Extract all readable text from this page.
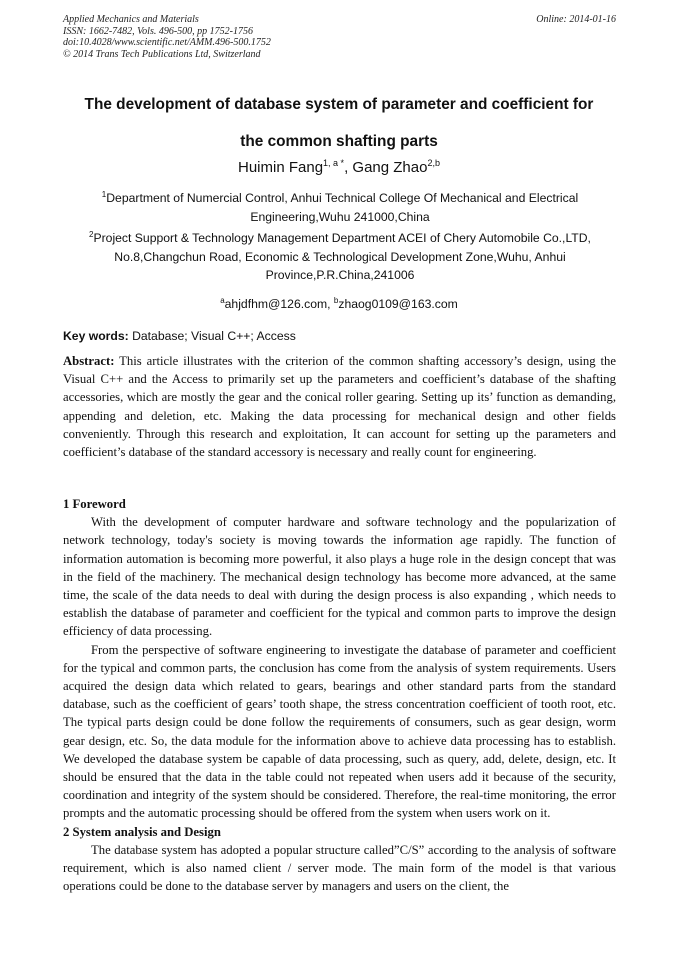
Applied Mechanics and Materials
ISSN: 1662-7482, Vols. 496-500, pp 1752-1756
doi:10.4028/www.scientific.net/AMM.496-500.1752
© 2014 Trans Tech Publications Ltd, Switzerland
Online: 2014-01-16
The development of database system of parameter and coefficient for
the common shafting parts
Huimin Fang$^{1, a *}$, Gang Zhao$^{2,b}$
$^1$Department of Numercial Control, Anhui Technical College Of Mechanical and Electrical Engineering,Wuhu 241000,China
$^2$Project Support & Technology Management Department ACEI of Chery Automobile Co.,LTD, No.8,Changchun Road, Economic & Technological Development Zone,Wuhu, Anhui Province,P.R.China,241006
$^a$ahjdfhm@126.com, $^b$zhaog0109@163.com
Key words: Database; Visual C++; Access

Abstract: This article illustrates with the criterion of the common shafting accessory’s design, using the Visual C++ and the Access to primarily set up the parameters and coefficient’s database of the shafting accessories, which are mostly the gear and the conical roller gearing. Setting up its’ function as demanding, appending and deletion, etc. Making the data processing for mechanical design and other fields conveniently. Through this research and exploitation, It can account for setting up the parameters and coefficient’s database of the standard accessory is necessary and really count for engineering.

1 Foreword

With the development of computer hardware and software technology and the popularization of network technology, today's society is moving towards the information age rapidly. The function of information automation is becoming more powerful, it also plays a huge role in the design concept that was in the field of the machinery. The mechanical design technology has become more advanced, at the same time, the scale of the data needs to deal with during the design process is also expanding , which needs to establish the database of parameter and coefficient for the typical and common parts to improve the design efficiency of data processing.

From the perspective of software engineering to investigate the database of parameter and coefficient for the typical and common parts, the conclusion has come from the analysis of system requirements. Users acquired the design data which related to gears, bearings and other standard parts from the standard database, such as the coefficient of gears’ tooth shape, the stress concentration coefficient of tooth root, etc. The typical parts design could be done follow the requirements of consumers, such as gear design, worm gear design, etc. So, the data module for the information above to achieve data processing has to establish. We developed the database system be capable of data processing, such as query, add, delete, design, etc. It should be ensured that the data in the table could not repeated when users add it because of the security, coordination and integrity of the system should be considered. Therefore, the real-time monitoring, the error prompts and the automatic processing should be offered from the system when users work on it.

2 System analysis and Design

The database system has adopted a popular structure called”C/S” according to the analysis of software requirement, which is also named client / server mode. The main form of the model is that various operations could be done to the database server by managers and users on the client, the
